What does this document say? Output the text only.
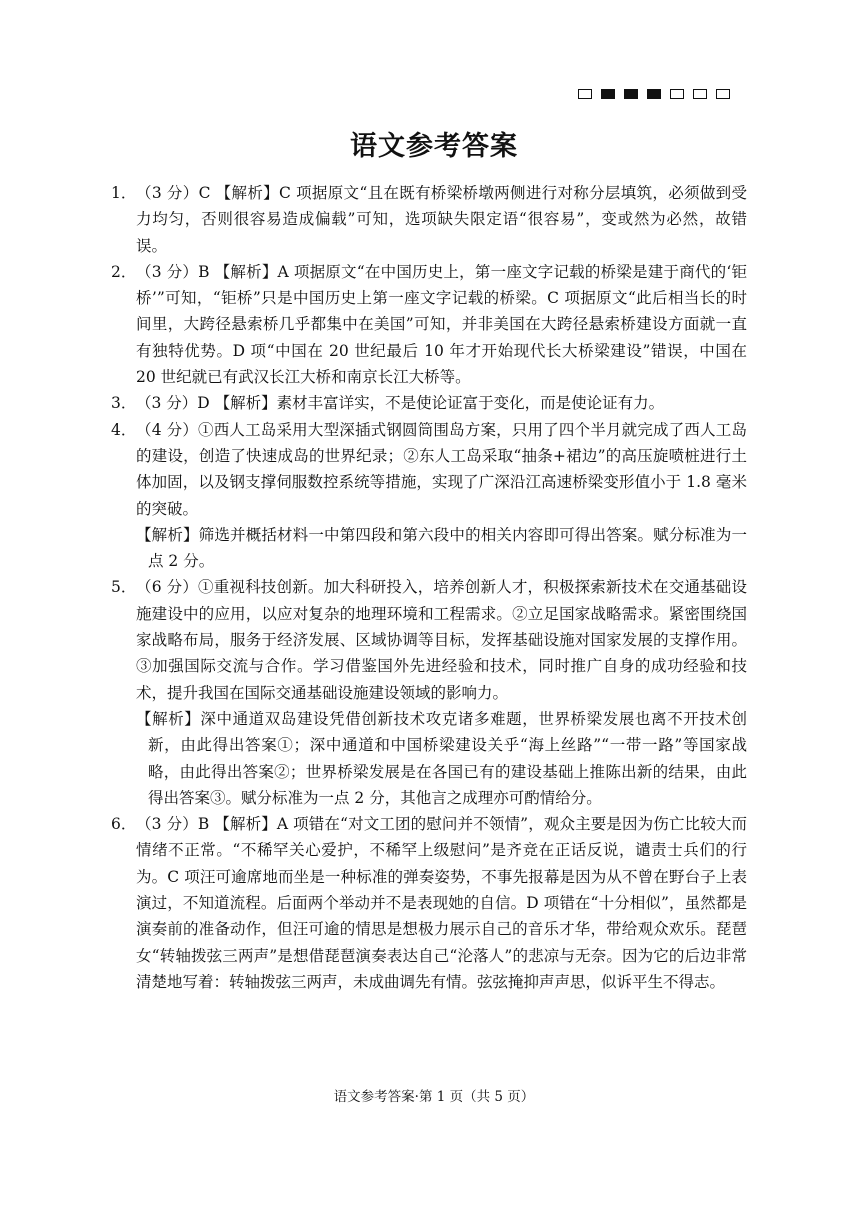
语文参考答案
1． （3 分）C 【解析】C 项据原文“且在既有桥梁桥墩两侧进行对称分层填筑，必须做到受力均匀，否则很容易造成偏载”可知，选项缺失限定语“很容易”，变或然为必然，故错误。
2． （3 分）B 【解析】A 项据原文“在中国历史上，第一座文字记载的桥梁是建于商代的‘钜桥’”可知，“钜桥”只是中国历史上第一座文字记载的桥梁。C 项据原文“此后相当长的时间里，大跨径悬索桥几乎都集中在美国”可知，并非美国在大跨径悬索桥建设方面就一直有独特优势。D 项“中国在 20 世纪最后 10 年才开始现代长大桥梁建设”错误，中国在 20 世纪就已有武汉长江大桥和南京长江大桥等。
3． （3 分）D 【解析】素材丰富详实，不是使论证富于变化，而是使论证有力。
4． （4 分）①西人工岛采用大型深插式钢圆筒围岛方案，只用了四个半月就完成了西人工岛的建设，创造了快速成岛的世界纪录；②东人工岛采取“抽条+裙边”的高压旋喷桩进行土体加固，以及钢支撑伺服数控系统等措施，实现了广深沿江高速桥梁变形值小于 1.8 毫米的突破。
【解析】筛选并概括材料一中第四段和第六段中的相关内容即可得出答案。赋分标准为一点 2 分。
5． （6 分）①重视科技创新。加大科研投入，培养创新人才，积极探索新技术在交通基础设施建设中的应用，以应对复杂的地理环境和工程需求。②立足国家战略需求。紧密围绕国家战略布局，服务于经济发展、区域协调等目标，发挥基础设施对国家发展的支撑作用。③加强国际交流与合作。学习借鉴国外先进经验和技术，同时推广自身的成功经验和技术，提升我国在国际交通基础设施建设领域的影响力。
【解析】深中通道双岛建设凭借创新技术攻克诸多难题，世界桥梁发展也离不开技术创新，由此得出答案①；深中通道和中国桥梁建设关乎“海上丝路”“一带一路”等国家战略，由此得出答案②；世界桥梁发展是在各国已有的建设基础上推陈出新的结果，由此得出答案③。赋分标准为一点 2 分，其他言之成理亦可酌情给分。
6． （3 分）B 【解析】A 项错在“对文工团的慰问并不领情”，观众主要是因为伤亡比较大而情绪不正常。“不稀罕关心爱护，不稀罕上级慰问”是齐竞在正话反说，谴责士兵们的行为。C 项汪可逾席地而坐是一种标准的弹奏姿势，不事先报幕是因为从不曾在野台子上表演过，不知道流程。后面两个举动并不是表现她的自信。D 项错在“十分相似”，虽然都是演奏前的准备动作，但汪可逾的情思是想极力展示自己的音乐才华，带给观众欢乐。琵琶女“转轴拨弦三两声”是想借琵琶演奏表达自己“沦落人”的悲凉与无奈。因为它的后边非常清楚地写着：转轴拨弦三两声，未成曲调先有情。弦弦掩抑声声思，似诉平生不得志。
语文参考答案·第 1 页（共 5 页）
